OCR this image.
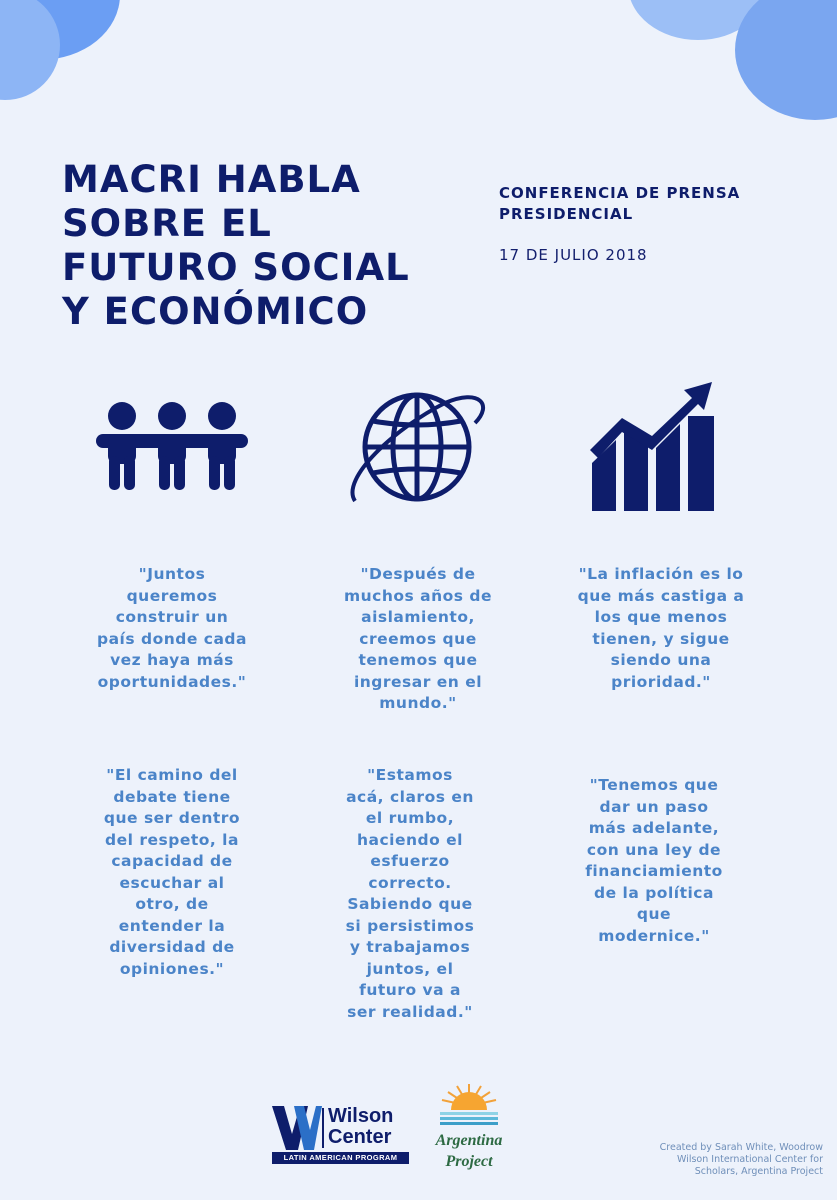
MACRI HABLA
SOBRE EL
FUTURO SOCIAL
Y ECONÓMICO
CONFERENCIA DE PRENSA
PRESIDENCIAL
17 DE JULIO 2018
"Juntos
queremos
construir un
país donde cada
vez haya más
oportunidades."
"Después de
muchos años de
aislamiento,
creemos que
tenemos que
ingresar en el
mundo."
"La inflación es lo
que más castiga a
los que menos
tienen, y sigue
siendo una
prioridad."
"El camino del
debate tiene
que ser dentro
del respeto, la
capacidad de
escuchar al
otro, de
entender la
diversidad de
opiniones."
"Estamos
acá, claros en
el rumbo,
haciendo el
esfuerzo
correcto.
Sabiendo que
si persistimos
y trabajamos
juntos, el
futuro va a
ser realidad."
"Tenemos que
dar un paso
más adelante,
con una ley de
financiamiento
de la política
que
modernice."
Wilson
Center
LATIN AMERICAN PROGRAM
Argentina
Project
Created by Sarah White, Woodrow
Wilson International Center for
Scholars, Argentina Project
